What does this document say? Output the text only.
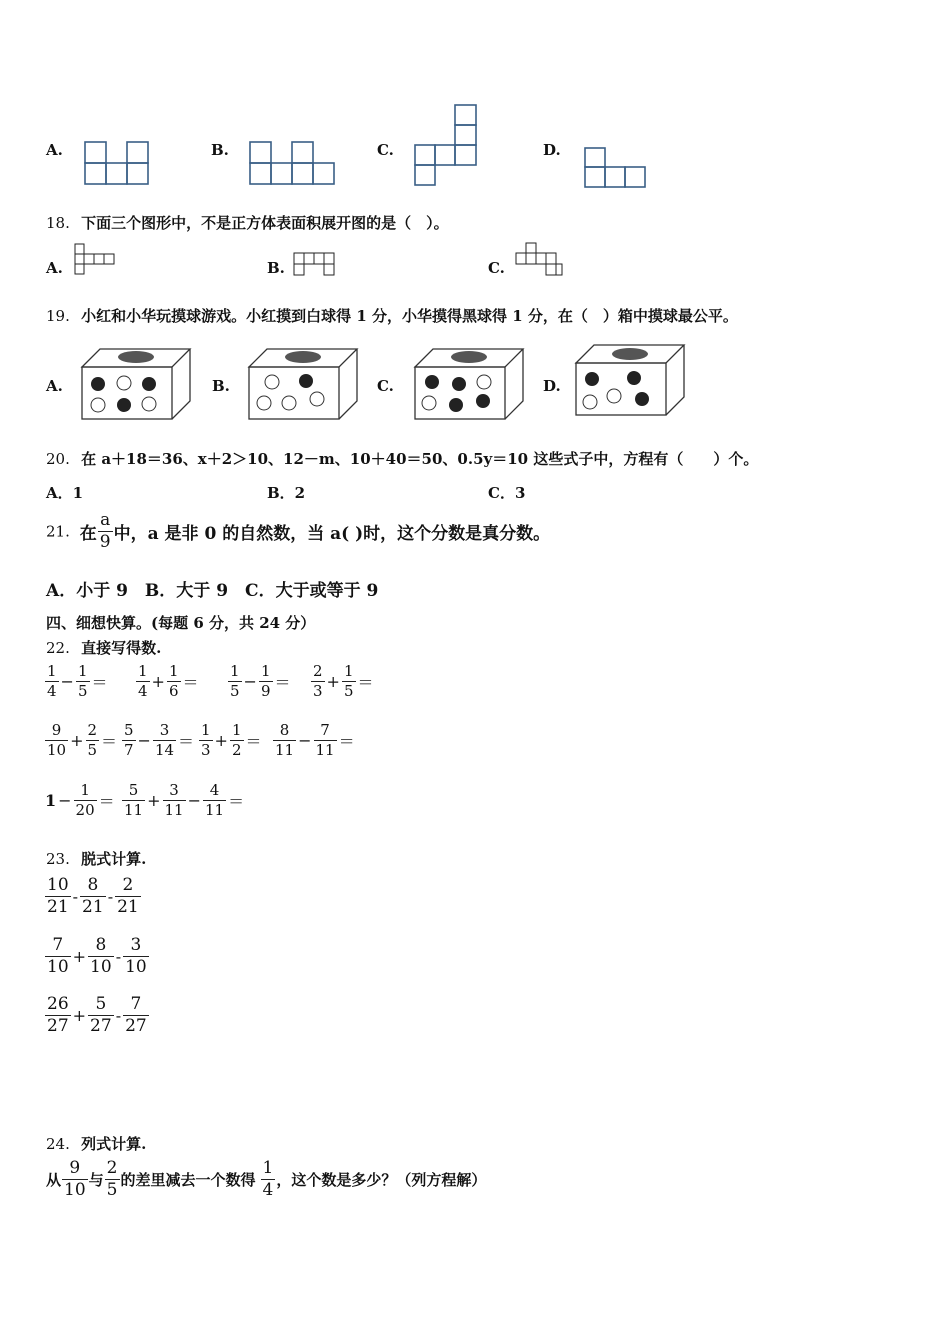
A.	B.	C.	D.
18. 下面三个图形中，不是正方体表面积展开图的是（　）。
A.	B.	C.
19. 小红和小华玩摸球游戏。小红摸到白球得 1 分，小华摸得黑球得 1 分，在（　）箱中摸球最公平。
A.	B.	C.	D.
20. 在 a＋18＝36、x＋2＞10、12－m、10＋40＝50、0.5y＝10 这些式子中，方程有（　　）个。
A．1	B．2	C．3
21. 在 $\frac{a}{9}$ 中，a 是非 0 的自然数，当 a( )时，这个分数是真分数。
A．小于 9　B．大于 9　C．大于或等于 9
四、细想快算。(每题 6 分，共 24 分）
22. 直接写得数.
$\frac{1}{4} - \frac{1}{5} = \frac{1}{4} + \frac{1}{6} = \frac{1}{5} - \frac{1}{9} = \frac{2}{3} + \frac{1}{5}$ ＝
$\frac{9}{10} + \frac{2}{5} = \frac{5}{7} - \frac{3}{14} = \frac{1}{3} + \frac{1}{2} = \frac{8}{11} - \frac{7}{11}$ ＝
$1 - \frac{1}{20} = \frac{5}{11} + \frac{3}{11} - \frac{4}{11}$ ＝
23. 脱式计算.
$\frac{10}{21} - \frac{8}{21} - \frac{2}{21}$
$\frac{7}{10} + \frac{8}{10} - \frac{3}{10}$
$\frac{26}{27} + \frac{5}{27} - \frac{7}{27}$
24. 列式计算.
从 $\frac{9}{10}$ 与 $\frac{2}{5}$ 的差里减去一个数得 $\frac{1}{4}$ ，这个数是多少？（列方程解）
